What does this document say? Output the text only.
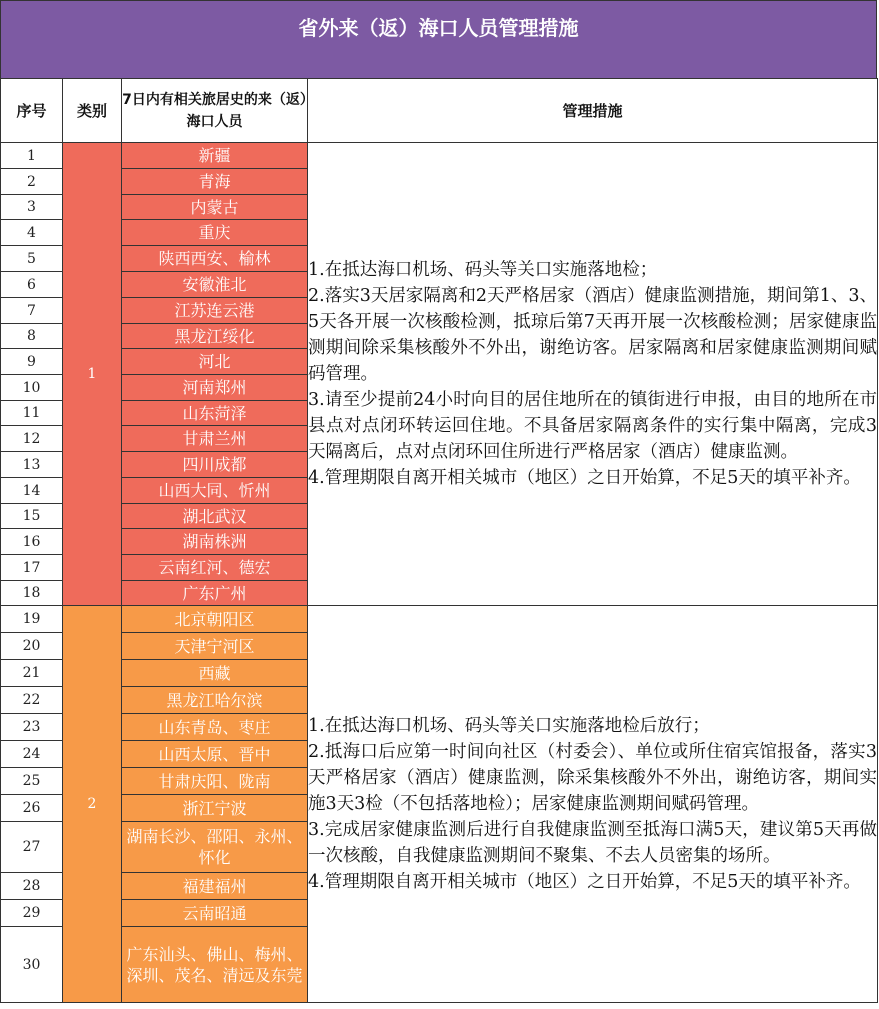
省外来（返）海口人员管理措施
序号	类别	7日内有相关旅居史的来（返）海口人员	管理措施
1	1	新疆	1.在抵达海口机场、码头等关口实施落地检；
2.落实3天居家隔离和2天严格居家（酒店）健康监测措施，期间第1、3、5天各开展一次核酸检测，抵琼后第7天再开展一次核酸检测；居家健康监测期间除采集核酸外不外出，谢绝访客。居家隔离和居家健康监测期间赋码管理。
3.请至少提前24小时向目的居住地所在的镇街进行申报，由目的地所在市县点对点闭环转运回住地。不具备居家隔离条件的实行集中隔离，完成3天隔离后，点对点闭环回住所进行严格居家（酒店）健康监测。
4.管理期限自离开相关城市（地区）之日开始算，不足5天的填平补齐。

2		青海	
3		内蒙古	
4		重庆	
5		陕西西安、榆林	
6		安徽淮北	
7		江苏连云港	
8		黑龙江绥化	
9		河北	
10		河南郑州	
11		山东菏泽	
12		甘肃兰州	
13		四川成都	
14		山西大同、忻州	
15		湖北武汉	
16		湖南株洲	
17		云南红河、德宏	
18		广东广州	
19	2	北京朝阳区	1.在抵达海口机场、码头等关口实施落地检后放行；
2.抵海口后应第一时间向社区（村委会）、单位或所住宿宾馆报备，落实3天严格居家（酒店）健康监测，除采集核酸外不外出，谢绝访客，期间实施3天3检（不包括落地检）；居家健康监测期间赋码管理。
3.完成居家健康监测后进行自我健康监测至抵海口满5天，建议第5天再做一次核酸，自我健康监测期间不聚集、不去人员密集的场所。
4.管理期限自离开相关城市（地区）之日开始算，不足5天的填平补齐。

20		天津宁河区	
21		西藏	
22		黑龙江哈尔滨	
23		山东青岛、枣庄	
24		山西太原、晋中	
25		甘肃庆阳、陇南	
26		浙江宁波	
27		湖南长沙、邵阳、永州、怀化	
28		福建福州	
29		云南昭通	
30		广东汕头、佛山、梅州、深圳、茂名、清远及东莞	
